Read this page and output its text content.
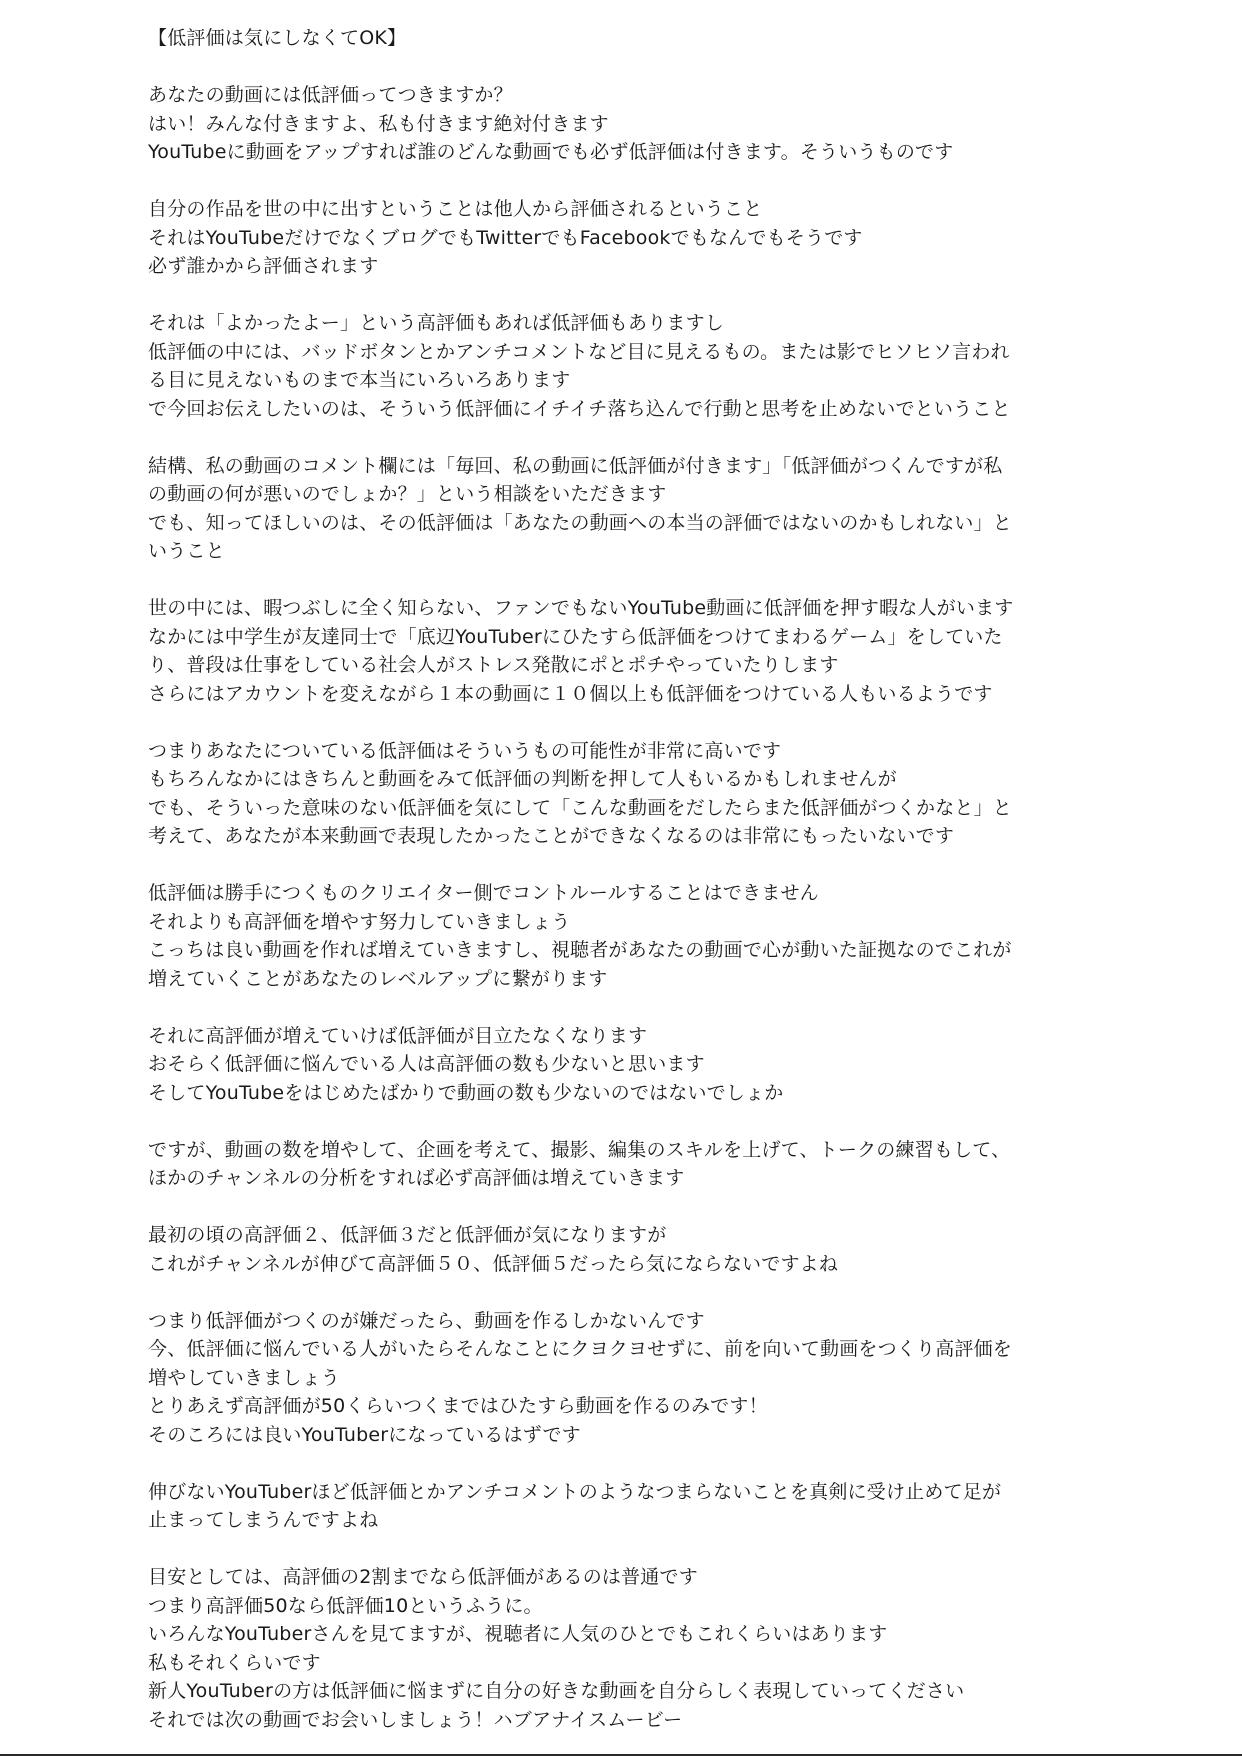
【低評価は気にしなくてOK】
あなたの動画には低評価ってつきますか？
はい！みんな付きますよ、私も付きます絶対付きます
YouTubeに動画をアップすれば誰のどんな動画でも必ず低評価は付きます。そういうものです
自分の作品を世の中に出すということは他人から評価されるということ
それはYouTubeだけでなくブログでもTwitterでもFacebookでもなんでもそうです
必ず誰かから評価されます
それは「よかったよー」という高評価もあれば低評価もありますし
低評価の中には、バッドボタンとかアンチコメントなど目に見えるもの。または影でヒソヒソ言われ
る目に見えないものまで本当にいろいろあります
で今回お伝えしたいのは、そういう低評価にイチイチ落ち込んで行動と思考を止めないでということ
結構、私の動画のコメント欄には「毎回、私の動画に低評価が付きます」「低評価がつくんですが私
の動画の何が悪いのでしょか？」という相談をいただきます
でも、知ってほしいのは、その低評価は「あなたの動画への本当の評価ではないのかもしれない」と
いうこと
世の中には、暇つぶしに全く知らない、ファンでもないYouTube動画に低評価を押す暇な人がいます
なかには中学生が友達同士で「底辺YouTuberにひたすら低評価をつけてまわるゲーム」をしていた
り、普段は仕事をしている社会人がストレス発散にポとポチやっていたりします
さらにはアカウントを変えながら１本の動画に１０個以上も低評価をつけている人もいるようです
つまりあなたについている低評価はそういうもの可能性が非常に高いです
もちろんなかにはきちんと動画をみて低評価の判断を押して人もいるかもしれませんが
でも、そういった意味のない低評価を気にして「こんな動画をだしたらまた低評価がつくかなと」と
考えて、あなたが本来動画で表現したかったことができなくなるのは非常にもったいないです
低評価は勝手につくものクリエイター側でコントルールすることはできません
それよりも高評価を増やす努力していきましょう
こっちは良い動画を作れば増えていきますし、視聴者があなたの動画で心が動いた証拠なのでこれが
増えていくことがあなたのレベルアップに繋がります
それに高評価が増えていけば低評価が目立たなくなります
おそらく低評価に悩んでいる人は高評価の数も少ないと思います
そしてYouTubeをはじめたばかりで動画の数も少ないのではないでしょか
ですが、動画の数を増やして、企画を考えて、撮影、編集のスキルを上げて、トークの練習もして、
ほかのチャンネルの分析をすれば必ず高評価は増えていきます
最初の頃の高評価２、低評価３だと低評価が気になりますが
これがチャンネルが伸びて高評価５０、低評価５だったら気にならないですよね
つまり低評価がつくのが嫌だったら、動画を作るしかないんです
今、低評価に悩んでいる人がいたらそんなことにクヨクヨせずに、前を向いて動画をつくり高評価を
増やしていきましょう
とりあえず高評価が50くらいつくまではひたすら動画を作るのみです！
そのころには良いYouTuberになっているはずです
伸びないYouTuberほど低評価とかアンチコメントのようなつまらないことを真剣に受け止めて足が
止まってしまうんですよね
目安としては、高評価の2割までなら低評価があるのは普通です
つまり高評価50なら低評価10というふうに。
いろんなYouTuberさんを見てますが、視聴者に人気のひとでもこれくらいはあります
私もそれくらいです
新人YouTuberの方は低評価に悩まずに自分の好きな動画を自分らしく表現していってください
それでは次の動画でお会いしましょう！ハブアナイスムービー
